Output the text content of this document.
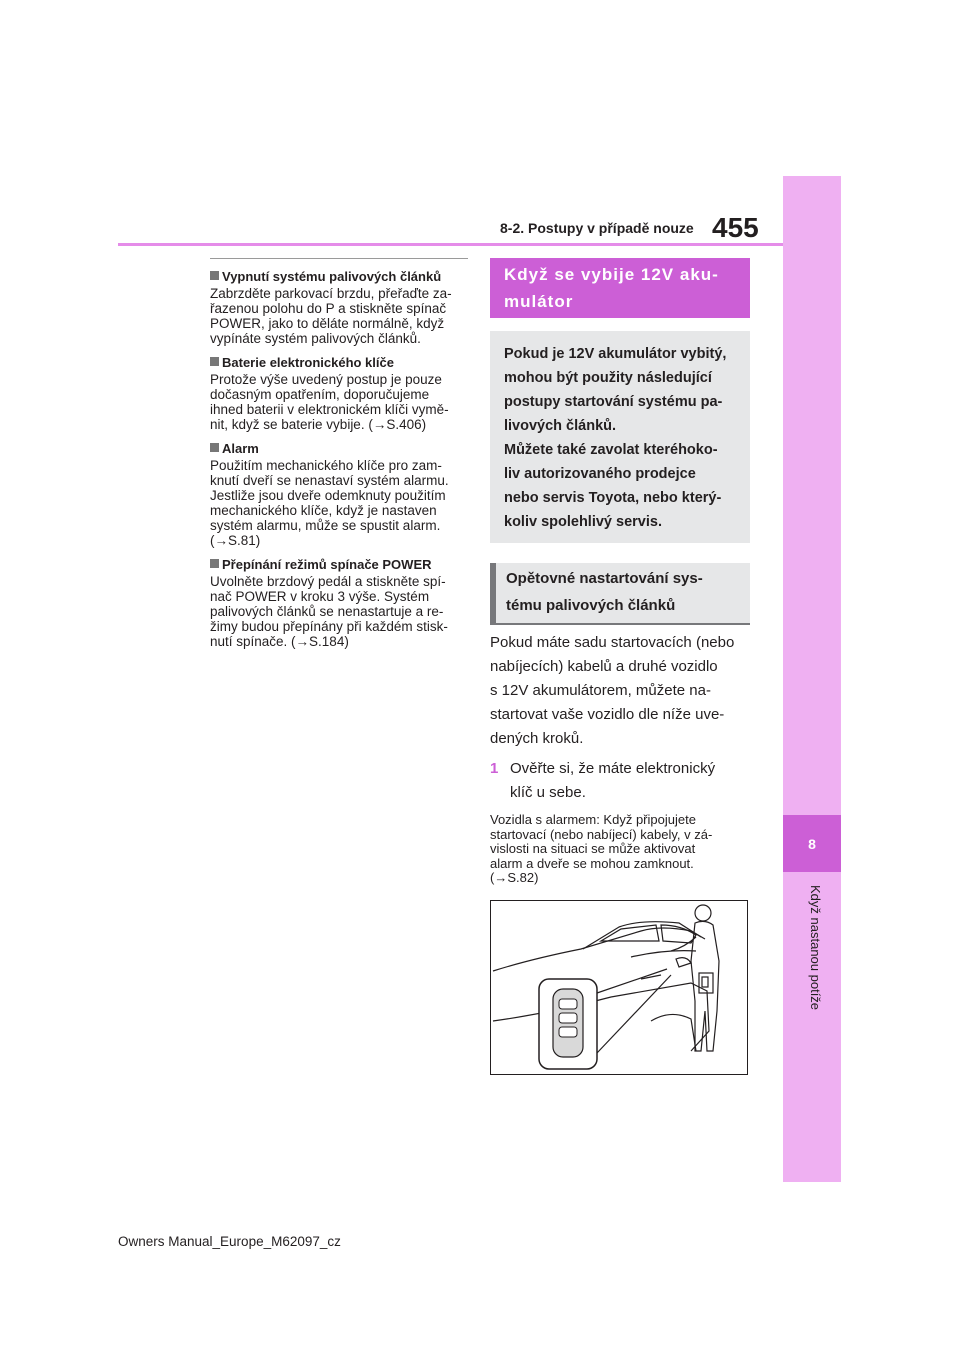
455
8-2. Postupy v případě nouze
8
Když nastanou potíže
Vypnutí systému palivových článků
Zabrzděte parkovací brzdu, přeřaďte za-
řazenou polohu do P a stiskněte spínač
POWER, jako to děláte normálně, když
vypínáte systém palivových článků.
Baterie elektronického klíče
Protože výše uvedený postup je pouze
dočasným opatřením, doporučujeme
ihned baterii v elektronickém klíči vymě-
nit, když se baterie vybije. (→S.406)
Alarm
Použitím mechanického klíče pro zam-
knutí dveří se nenastaví systém alarmu.
Jestliže jsou dveře odemknuty použitím
mechanického klíče, když je nastaven
systém alarmu, může se spustit alarm.
(→S.81)
Přepínání režimů spínače POWER
Uvolněte brzdový pedál a stiskněte spí-
nač POWER v kroku 3 výše. Systém
palivových článků se nenastartuje a re-
žimy budou přepínány při každém stisk-
nutí spínače. (→S.184)
Když se vybije 12V aku-
mulátor
Pokud je 12V akumulátor vybitý,
mohou být použity následující
postupy startování systému pa-
livových článků.
Můžete také zavolat kteréhoko-
liv autorizovaného prodejce
nebo servis Toyota, nebo který-
koliv spolehlivý servis.
Opětovné nastartování sys-
tému palivových článků
Pokud máte sadu startovacích (nebo
nabíjecích) kabelů a druhé vozidlo
s 12V akumulátorem, můžete na-
startovat vaše vozidlo dle níže uve-
dených kroků.
1 Ověřte si, že máte elektronický
klíč u sebe.
Vozidla s alarmem: Když připojujete
startovací (nebo nabíjecí) kabely, v zá-
vislosti na situaci se může aktivovat
alarm a dveře se mohou zamknout.
(→S.82)
Owners Manual_Europe_M62097_cz
